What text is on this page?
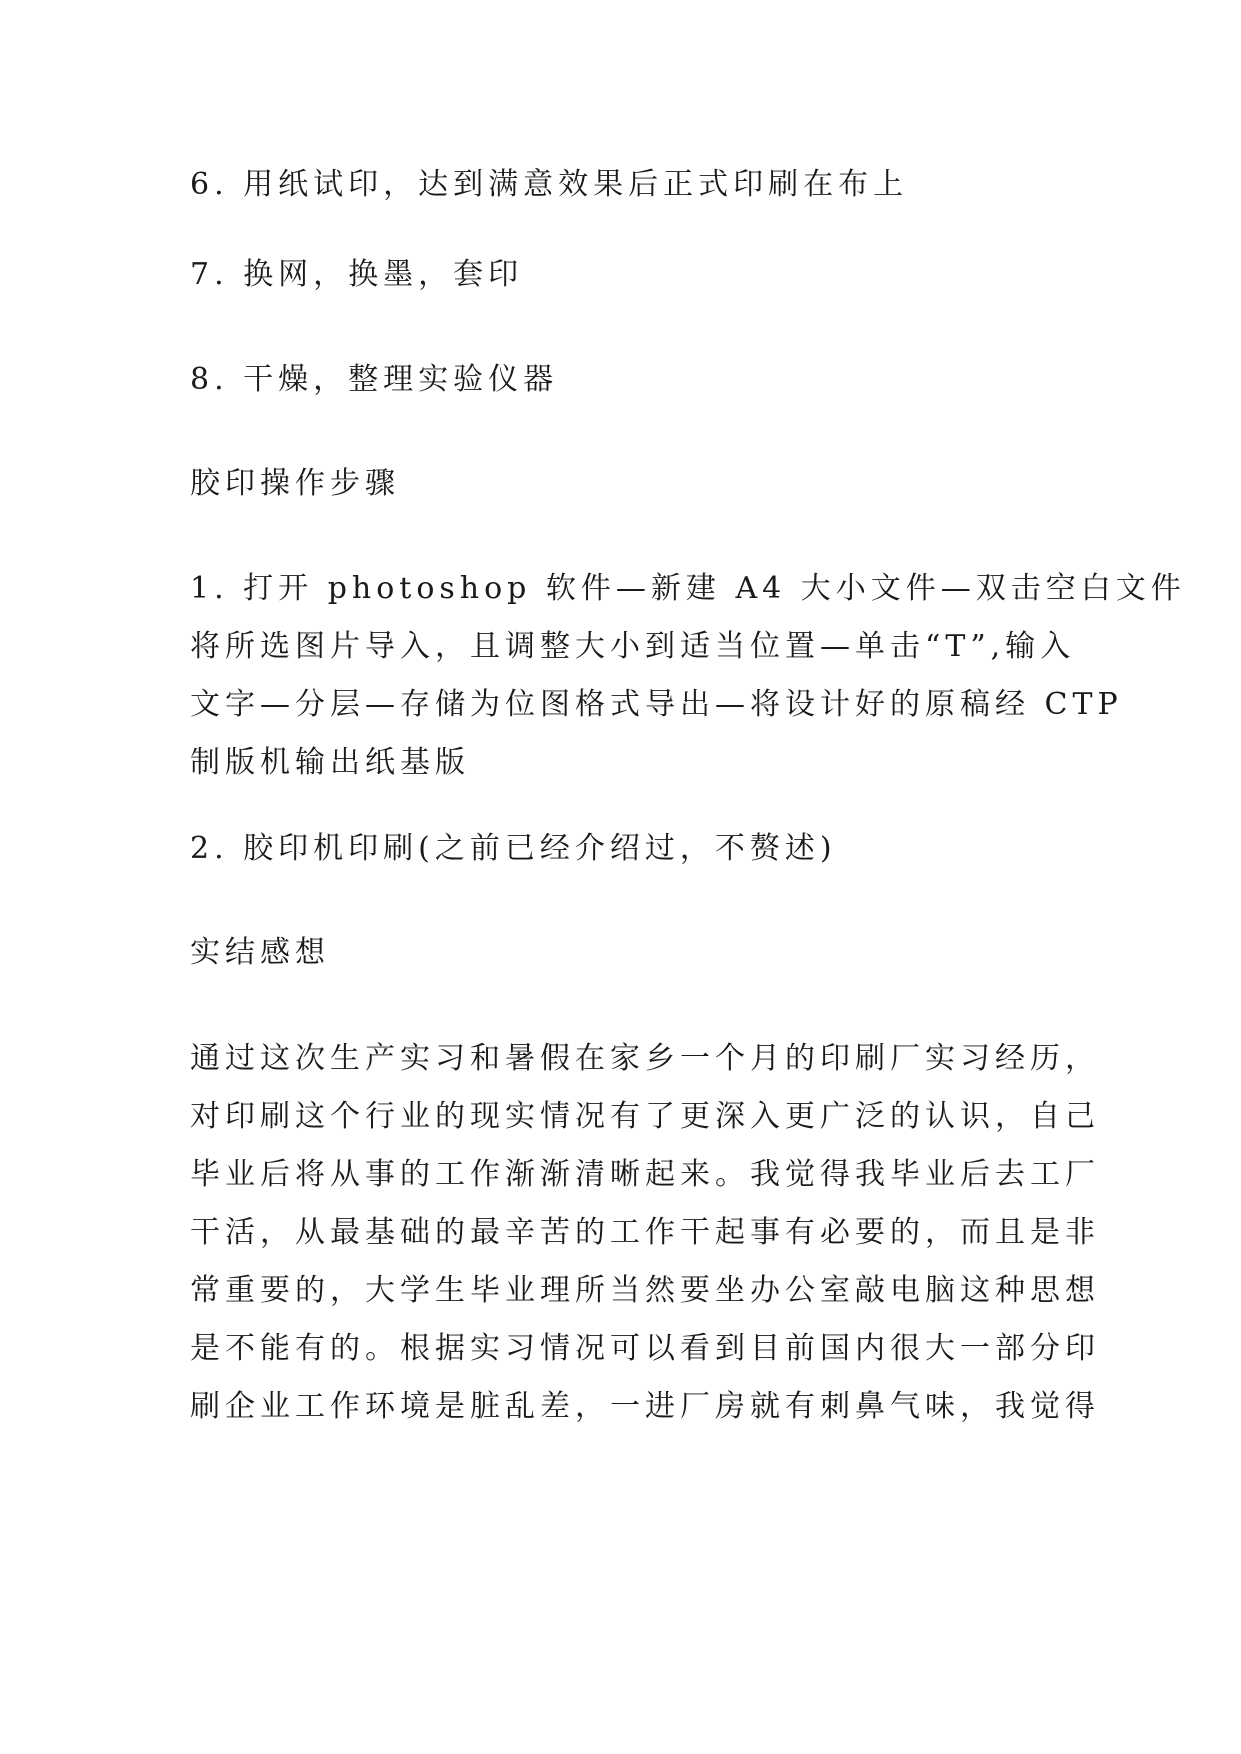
6. 用纸试印，达到满意效果后正式印刷在布上
7. 换网，换墨，套印
8. 干燥，整理实验仪器
胶印操作步骤
1. 打开 photoshop 软件—新建 A4 大小文件—双击空白文件
将所选图片导入，且调整大小到适当位置—单击“T”,输入
文字—分层—存储为位图格式导出—将设计好的原稿经 CTP
制版机输出纸基版
2. 胶印机印刷(之前已经介绍过，不赘述)
实结感想
通过这次生产实习和暑假在家乡一个月的印刷厂实习经历，
对印刷这个行业的现实情况有了更深入更广泛的认识，自己
毕业后将从事的工作渐渐清晰起来。我觉得我毕业后去工厂
干活，从最基础的最辛苦的工作干起事有必要的，而且是非
常重要的，大学生毕业理所当然要坐办公室敲电脑这种思想
是不能有的。根据实习情况可以看到目前国内很大一部分印
刷企业工作环境是脏乱差，一进厂房就有刺鼻气味，我觉得
